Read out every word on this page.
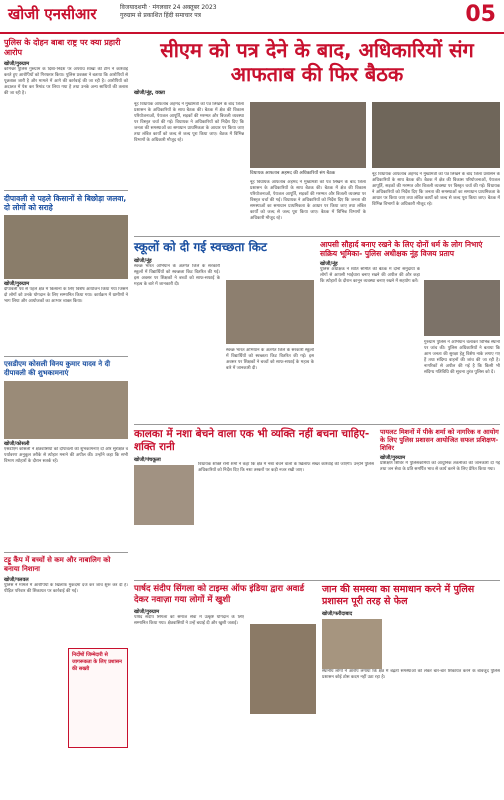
खोजी एनसीआर	विजयादशमी · मंगलवार 24 अक्तूबर 2023
गुरुग्राम से प्रकाशित हिंदी समाचार पत्र	05
पुलिस के दोहन बाबा राष्ट्र पर क्या प्रहारी आरोप
खोजी/गुरुग्राम
कमिश्नर पुलिस गुरुग्राम के दिशा-निर्देश पर अपराध शाखा की टीम ने कार्रवाई करते हुए आरोपियों को गिरफ्तार किया। पुलिस प्रवक्ता ने बताया कि आरोपियों से पूछताछ जारी है और मामले में आगे की कार्रवाई की जा रही है। आरोपियों को अदालत में पेश कर रिमांड पर लिया गया है तथा उनके अन्य साथियों की तलाश की जा रही है।
दीपावली से पहले किसानों से बिछोड़ा जलवा, दो लोगों को सराहे
खोजी/गुरुग्राम
दीपावली पर्व से पहले क्षेत्र में किसानों के लिए विशेष आयोजन किया गया जिसमें दो लोगों को उनके योगदान के लिए सम्मानित किया गया। कार्यक्रम में ग्रामीणों ने भाग लिया और आयोजकों का आभार व्यक्त किया।
एसडीएम कोसली विनय कुमार यादव ने दी दीपावली की शुभकामनाएं
खोजी/कोसली
एसडीएम कोसली ने क्षेत्रवासियों को दीपावली की शुभकामनाएं दीं और सुरक्षित व पर्यावरण अनुकूल तरीके से त्योहार मनाने की अपील की। उन्होंने कहा कि सभी विभाग त्योहारों के दौरान सतर्क रहें।
टट्टू कैंप में बच्चों से कम और नाबालिग को बनाया निशाना
खोजी/पलवल
पुलिस ने मामले में आरोपियों के खिलाफ मुकदमा दर्ज कर जांच शुरू कर दी है। पीड़ित परिवार की शिकायत पर कार्रवाई की गई।
निर्दोषों जिम्मेदारी से जागरूकता के लिए प्रशासन की सख्ती
सीएम को पत्र देने के बाद, अधिकारियों संग आफताब की फिर बैठक
खोजी/नूंह, वक्ता
नूंह विधायक आफताब अहमद ने मुख्यमंत्री को पत्र लिखने के बाद जिला प्रशासन के अधिकारियों के साथ बैठक की। बैठक में क्षेत्र की विकास परियोजनाओं, पेयजल आपूर्ति, सड़कों की मरम्मत और बिजली व्यवस्था पर विस्तृत चर्चा की गई। विधायक ने अधिकारियों को निर्देश दिए कि जनता की समस्याओं का समाधान प्राथमिकता के आधार पर किया जाए तथा लंबित कार्यों को जल्द से जल्द पूरा किया जाए। बैठक में विभिन्न विभागों के अधिकारी मौजूद रहे।
विधायक आफताब अहमद की अधिकारियों संग बैठक
नूंह विधायक आफताब अहमद ने मुख्यमंत्री को पत्र लिखने के बाद जिला प्रशासन के अधिकारियों के साथ बैठक की। बैठक में क्षेत्र की विकास परियोजनाओं, पेयजल आपूर्ति, सड़कों की मरम्मत और बिजली व्यवस्था पर विस्तृत चर्चा की गई। विधायक ने अधिकारियों को निर्देश दिए कि जनता की समस्याओं का समाधान प्राथमिकता के आधार पर किया जाए तथा लंबित कार्यों को जल्द से जल्द पूरा किया जाए। बैठक में विभिन्न विभागों के अधिकारी मौजूद रहे।
नूंह विधायक आफताब अहमद ने मुख्यमंत्री को पत्र लिखने के बाद जिला प्रशासन के अधिकारियों के साथ बैठक की। बैठक में क्षेत्र की विकास परियोजनाओं, पेयजल आपूर्ति, सड़कों की मरम्मत और बिजली व्यवस्था पर विस्तृत चर्चा की गई। विधायक ने अधिकारियों को निर्देश दिए कि जनता की समस्याओं का समाधान प्राथमिकता के आधार पर किया जाए तथा लंबित कार्यों को जल्द से जल्द पूरा किया जाए। बैठक में विभिन्न विभागों के अधिकारी मौजूद रहे।
स्कूलों को दी गई स्वच्छता किट
खोजी/नूंह
स्वच्छ भारत अभियान के अंतर्गत जिले के सरकारी स्कूलों में विद्यार्थियों को स्वच्छता किट वितरित की गई। इस अवसर पर शिक्षकों ने बच्चों को साफ-सफाई के महत्व के बारे में जानकारी दी।
स्वच्छ भारत अभियान के अंतर्गत जिले के सरकारी स्कूलों में विद्यार्थियों को स्वच्छता किट वितरित की गई। इस अवसर पर शिक्षकों ने बच्चों को साफ-सफाई के महत्व के बारे में जानकारी दी।
आपसी सौहार्द बनाए रखने के लिए दोनों धर्म के लोग निभाएं सक्रिय भूमिका- पुलिस अधीक्षक नूंह विजय प्रताप
खोजी/नूंह
पुलिस अधीक्षक ने शांति समिति की बैठक में दोनों समुदायों के लोगों से आपसी भाईचारा बनाए रखने की अपील की और कहा कि त्योहारों के दौरान कानून व्यवस्था बनाए रखने में सहयोग करें।
गुरुग्राम पुलिस ने अभियान चलाकर विभिन्न स्थानों पर जांच की। पुलिस अधिकारियों ने बताया कि आम जनता की सुरक्षा हेतु विशेष नाके लगाए गए हैं तथा संदिग्ध वाहनों की जांच की जा रही है। नागरिकों से अपील की गई है कि किसी भी संदिग्ध गतिविधि की सूचना तुरंत पुलिस को दें।
कालका में नशा बेचने वाला एक भी व्यक्ति नहीं बचना चाहिए- शक्ति रानी
खोजी/पंचकूला
विधायक शक्ति रानी शर्मा ने कहा कि क्षेत्र में नशा बेचने वालों के खिलाफ सख्त कार्रवाई की जाएगी। उन्होंने पुलिस अधिकारियों को निर्देश दिए कि नशा तस्करों पर कड़ी नजर रखी जाए।
पायलट मिशनों में पीके शर्मा को नागरिक व आयोग के लिए पुलिस प्रशासन आयोजित सफल प्रशिक्षण-शिविर
खोजी/गुरुग्राम
प्रशिक्षण शिविर में पुलिसकर्मियों को आधुनिक तकनीकों की जानकारी दी गई तथा जन सेवा के प्रति समर्पित भाव से कार्य करने के लिए प्रेरित किया गया।
पार्षद संदीप सिंगला को टाइम्स ऑफ इंडिया द्वारा अवार्ड देकर नवाज़ा गया लोगों में खुशी
खोजी/गुरुग्राम
पार्षद संदीप सिंगला को समाज सेवा में उत्कृष्ट योगदान के लिए सम्मानित किया गया। क्षेत्रवासियों ने उन्हें बधाई दी और खुशी जताई।
जान की समस्या का समाधान करने में पुलिस प्रशासन पूरी तरह से फेल
खोजी/फरीदाबाद
स्थानीय लोगों ने आरोप लगाया कि क्षेत्र में बढ़ती समस्याओं को लेकर बार-बार शिकायत करने के बावजूद पुलिस प्रशासन कोई ठोस कदम नहीं उठा रहा है।
